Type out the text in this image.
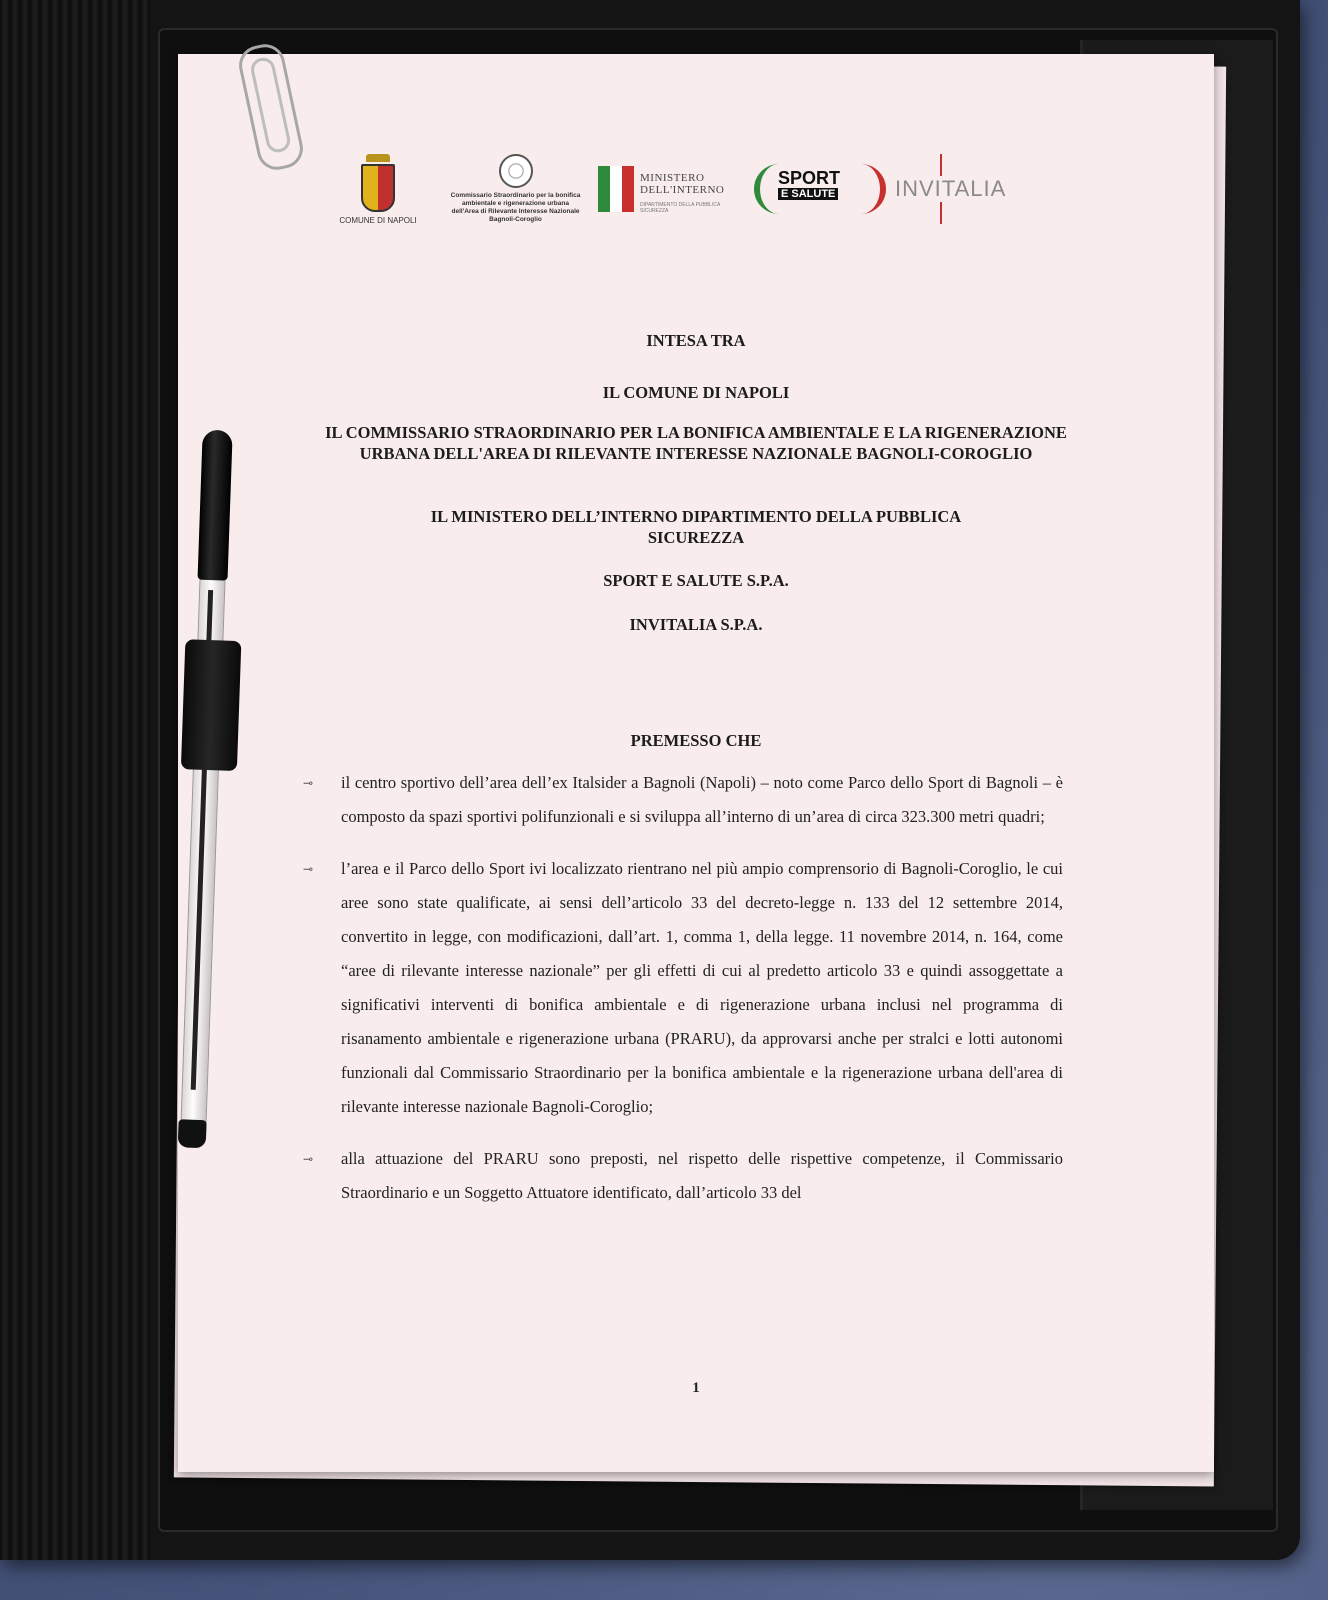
COMUNE DI NAPOLI
Commissario Straordinario per la bonifica ambientale e rigenerazione urbana dell'Area di Rilevante Interesse Nazionale Bagnoli-Coroglio
MINISTERO DELL'INTERNO
DIPARTIMENTO DELLA PUBBLICA SICUREZZA
SPORT
E SALUTE	INVITALIA
INTESA TRA
IL COMUNE DI NAPOLI
IL COMMISSARIO STRAORDINARIO PER LA BONIFICA AMBIENTALE E LA RIGENERAZIONE URBANA DELL'AREA DI RILEVANTE INTERESSE NAZIONALE BAGNOLI-COROGLIO
IL MINISTERO DELL’INTERNO DIPARTIMENTO DELLA PUBBLICA SICUREZZA
SPORT E SALUTE S.P.A.
INVITALIA S.P.A.
PREMESSO CHE
⊸ il centro sportivo dell’area dell’ex Italsider a Bagnoli (Napoli) – noto come Parco dello Sport di Bagnoli – è composto da spazi sportivi polifunzionali e si sviluppa all’interno di un’area di circa 323.300 metri quadri;
⊸ l’area e il Parco dello Sport ivi localizzato rientrano nel più ampio comprensorio di Bagnoli-Coroglio, le cui aree sono state qualificate, ai sensi dell’articolo 33 del decreto-legge n. 133 del 12 settembre 2014, convertito in legge, con modificazioni, dall’art. 1, comma 1, della legge. 11 novembre 2014, n. 164, come “aree di rilevante interesse nazionale” per gli effetti di cui al predetto articolo 33 e quindi assoggettate a significativi interventi di bonifica ambientale e di rigenerazione urbana inclusi nel programma di risanamento ambientale e rigenerazione urbana (PRARU), da approvarsi anche per stralci e lotti autonomi funzionali dal Commissario Straordinario per la bonifica ambientale e la rigenerazione urbana dell'area di rilevante interesse nazionale Bagnoli-Coroglio;
⊸ alla attuazione del PRARU sono preposti, nel rispetto delle rispettive competenze, il Commissario Straordinario e un Soggetto Attuatore identificato, dall’articolo 33 del
1
